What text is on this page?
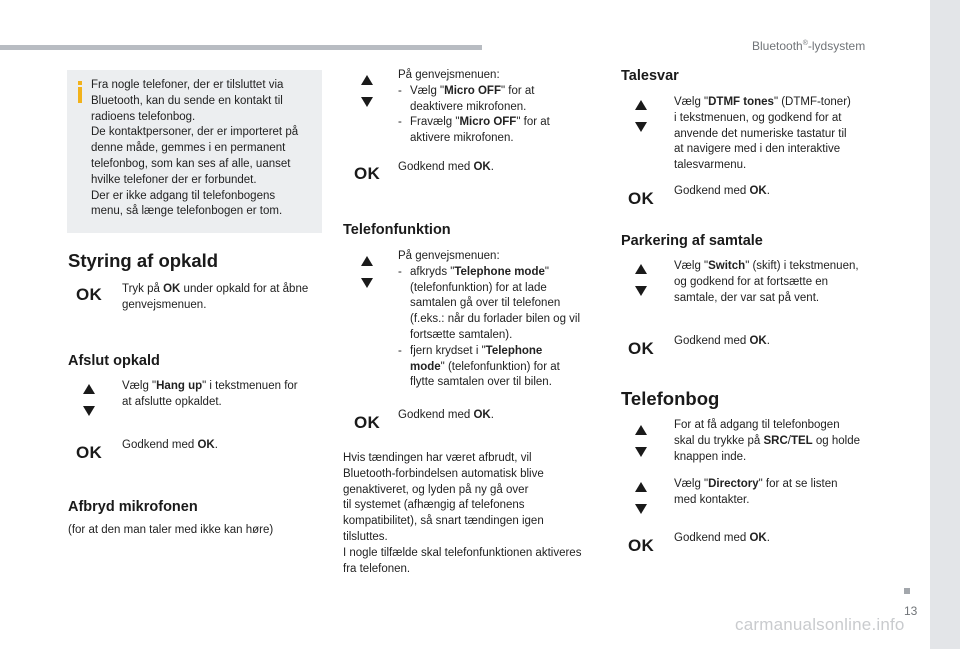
Bluetooth®-lydsystem
13
carmanualsonline.info
Fra nogle telefoner, der er tilsluttet via
Bluetooth, kan du sende en kontakt til
radioens telefonbog.
De kontaktpersoner, der er importeret på
denne måde, gemmes i en permanent
telefonbog, som kan ses af alle, uanset
hvilke telefoner der er forbundet.
Der er ikke adgang til telefonbogens
menu, så længe telefonbogen er tom.
Styring af opkald
OK Tryk på OK under opkald for at åbne
genvejsmenuen.
Afslut opkald
Vælg "Hang up" i tekstmenuen for
at afslutte opkaldet.
OK Godkend med OK.
Afbryd mikrofonen
(for at den man taler med ikke kan høre)
På genvejsmenuen:
- Vælg "Micro OFF" for at
deaktivere mikrofonen.
- Fravælg "Micro OFF" for at
aktivere mikrofonen.
OK Godkend med OK.
Telefonfunktion
På genvejsmenuen:
- afkryds "Telephone mode"
(telefonfunktion) for at lade
samtalen gå over til telefonen
(f.eks.: når du forlader bilen og vil
fortsætte samtalen).
- fjern krydset i "Telephone
mode" (telefonfunktion) for at
flytte samtalen over til bilen.
OK Godkend med OK.
Hvis tændingen har været afbrudt, vil
Bluetooth-forbindelsen automatisk blive
genaktiveret, og lyden på ny gå over
til systemet (afhængig af telefonens
kompatibilitet), så snart tændingen igen
tilsluttes.
I nogle tilfælde skal telefonfunktionen aktiveres
fra telefonen.
Talesvar
Vælg "DTMF tones" (DTMF-toner)
i tekstmenuen, og godkend for at
anvende det numeriske tastatur til
at navigere med i den interaktive
talesvarmenu.
OK Godkend med OK.
Parkering af samtale
Vælg "Switch" (skift) i tekstmenuen,
og godkend for at fortsætte en
samtale, der var sat på vent.
OK Godkend med OK.
Telefonbog
For at få adgang til telefonbogen
skal du trykke på SRC/TEL og holde
knappen inde.
Vælg "Directory" for at se listen
med kontakter.
OK Godkend med OK.
